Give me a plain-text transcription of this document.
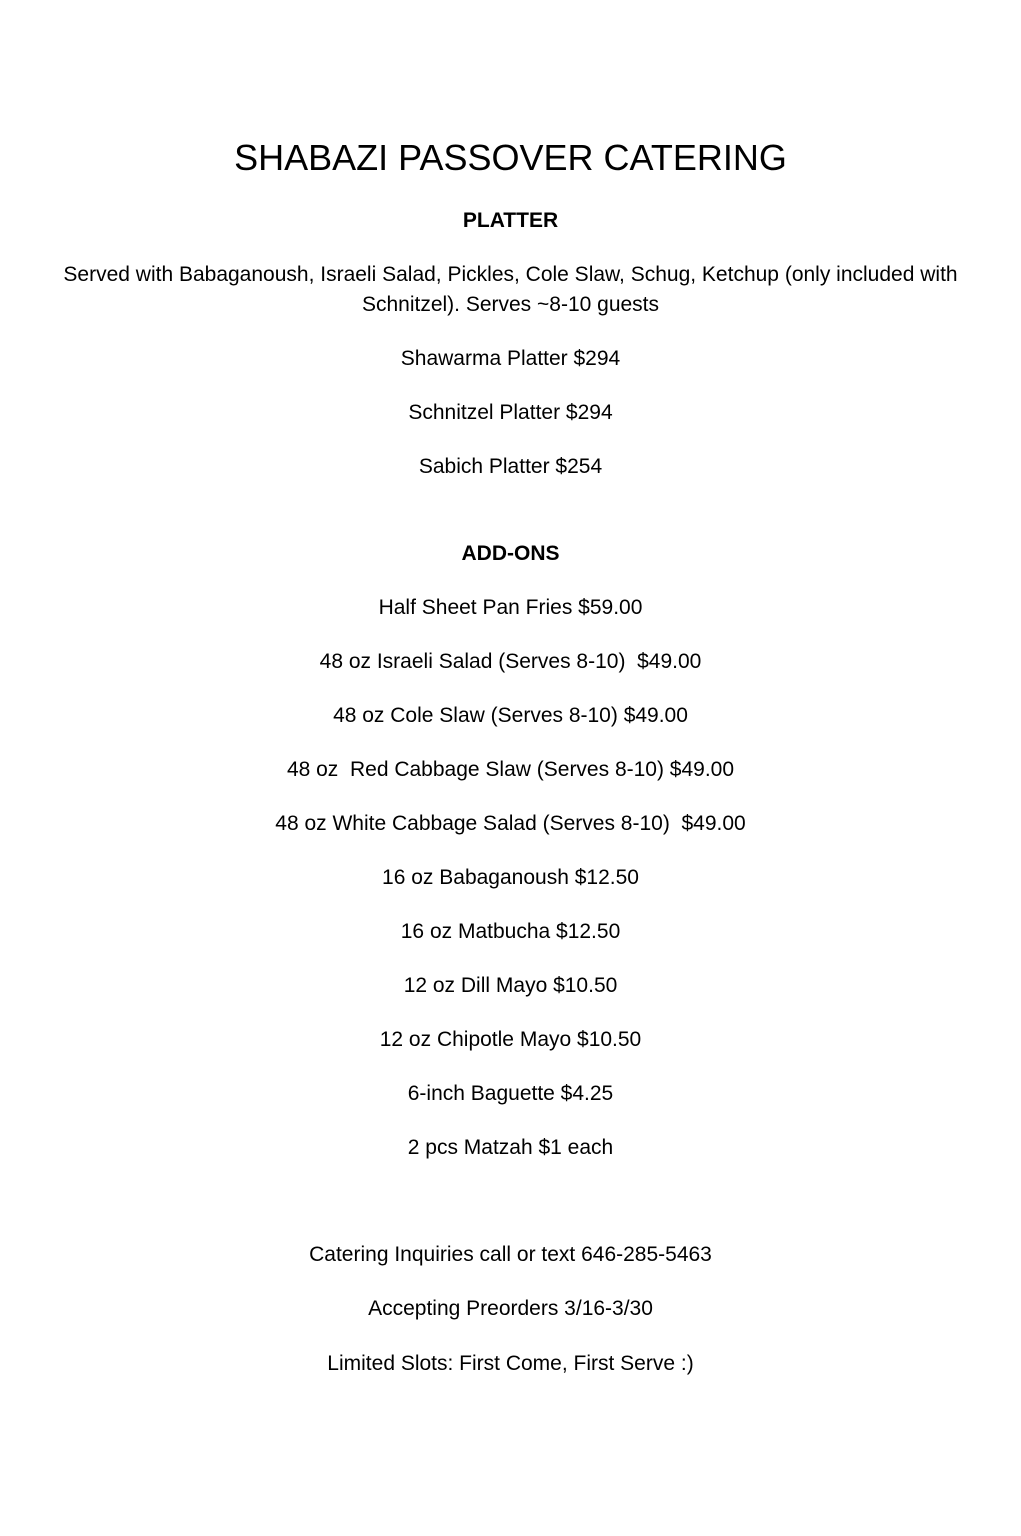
SHABAZI PASSOVER CATERING
PLATTER
Served with Babaganoush, Israeli Salad, Pickles, Cole Slaw, Schug, Ketchup (only included with Schnitzel). Serves ~8-10 guests
Shawarma Platter $294
Schnitzel Platter $294
Sabich Platter $254
ADD-ONS
Half Sheet Pan Fries $59.00
48 oz Israeli Salad (Serves 8-10)  $49.00
48 oz Cole Slaw (Serves 8-10) $49.00
48 oz  Red Cabbage Slaw (Serves 8-10) $49.00
48 oz White Cabbage Salad (Serves 8-10)  $49.00
16 oz Babaganoush $12.50
16 oz Matbucha $12.50
12 oz Dill Mayo $10.50
12 oz Chipotle Mayo $10.50
6-inch Baguette $4.25
2 pcs Matzah $1 each
Catering Inquiries call or text 646-285-5463
Accepting Preorders 3/16-3/30
Limited Slots: First Come, First Serve :)
